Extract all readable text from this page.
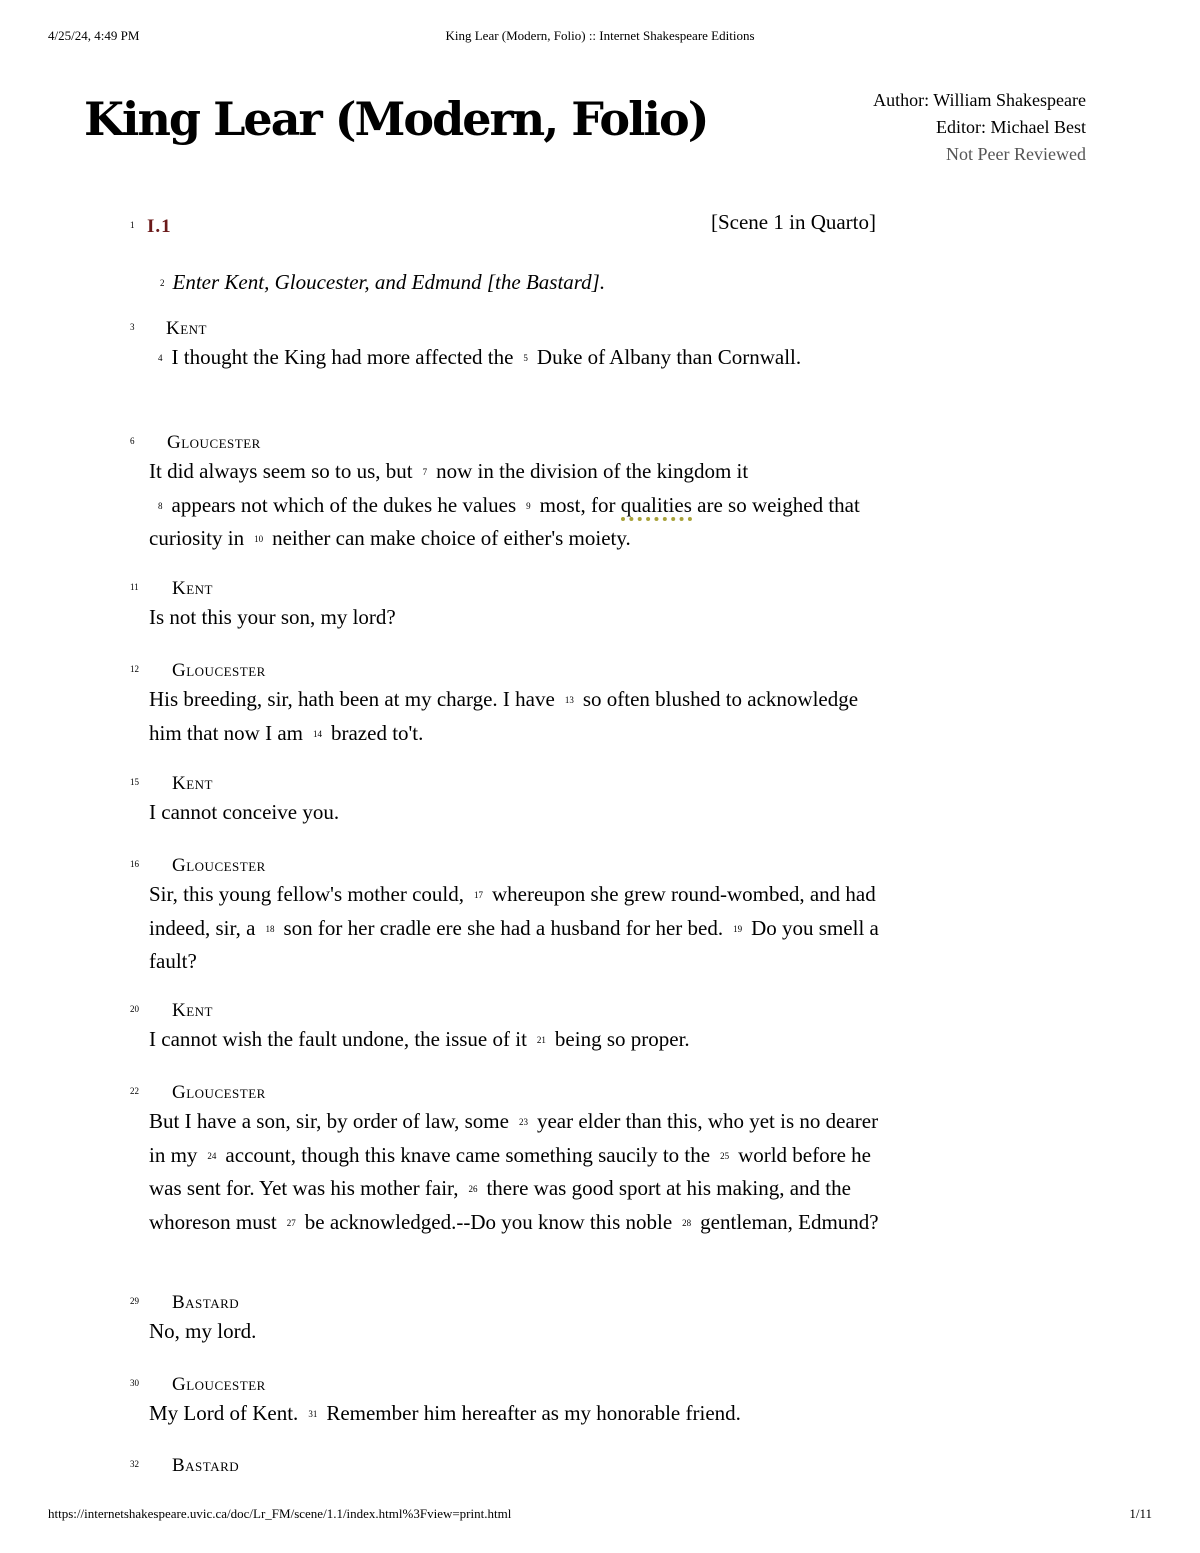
4/25/24, 4:49 PM	King Lear (Modern, Folio) :: Internet Shakespeare Editions
King Lear (Modern, Folio)	Author: William Shakespeare
Editor: Michael Best
Not Peer Reviewed
1 I.1	[Scene 1 in Quarto]
2 Enter Kent, Gloucester, and Edmund [the Bastard].
3 Kent
4 I thought the King had more affected the 5 Duke of Albany than Cornwall.
6 Gloucester
It did always seem so to us, but 7 now in the division of the kingdom it
8 appears not which of the dukes he values 9 most, for qualities are so weighed that curiosity in 10 neither can make choice of either's moiety.
11 Kent
Is not this your son, my lord?
12 Gloucester
His breeding, sir, hath been at my charge. I have 13 so often blushed to acknowledge him that now I am 14 brazed to't.
15 Kent
I cannot conceive you.
16 Gloucester
Sir, this young fellow's mother could, 17 whereupon she grew round-wombed, and had indeed, sir, a 18 son for her cradle ere she had a husband for her bed. 19 Do you smell a fault?
20 Kent
I cannot wish the fault undone, the issue of it 21 being so proper.
22 Gloucester
But I have a son, sir, by order of law, some 23 year elder than this, who yet is no dearer in my 24 account, though this knave came something saucily to the 25 world before he was sent for. Yet was his mother fair, 26 there was good sport at his making, and the whoreson must 27 be acknowledged.--Do you know this noble 28 gentleman, Edmund?
29 Bastard
No, my lord.
30 Gloucester
My Lord of Kent. 31 Remember him hereafter as my honorable friend.
32 Bastard
https://internetshakespeare.uvic.ca/doc/Lr_FM/scene/1.1/index.html%3Fview=print.html	1/11
